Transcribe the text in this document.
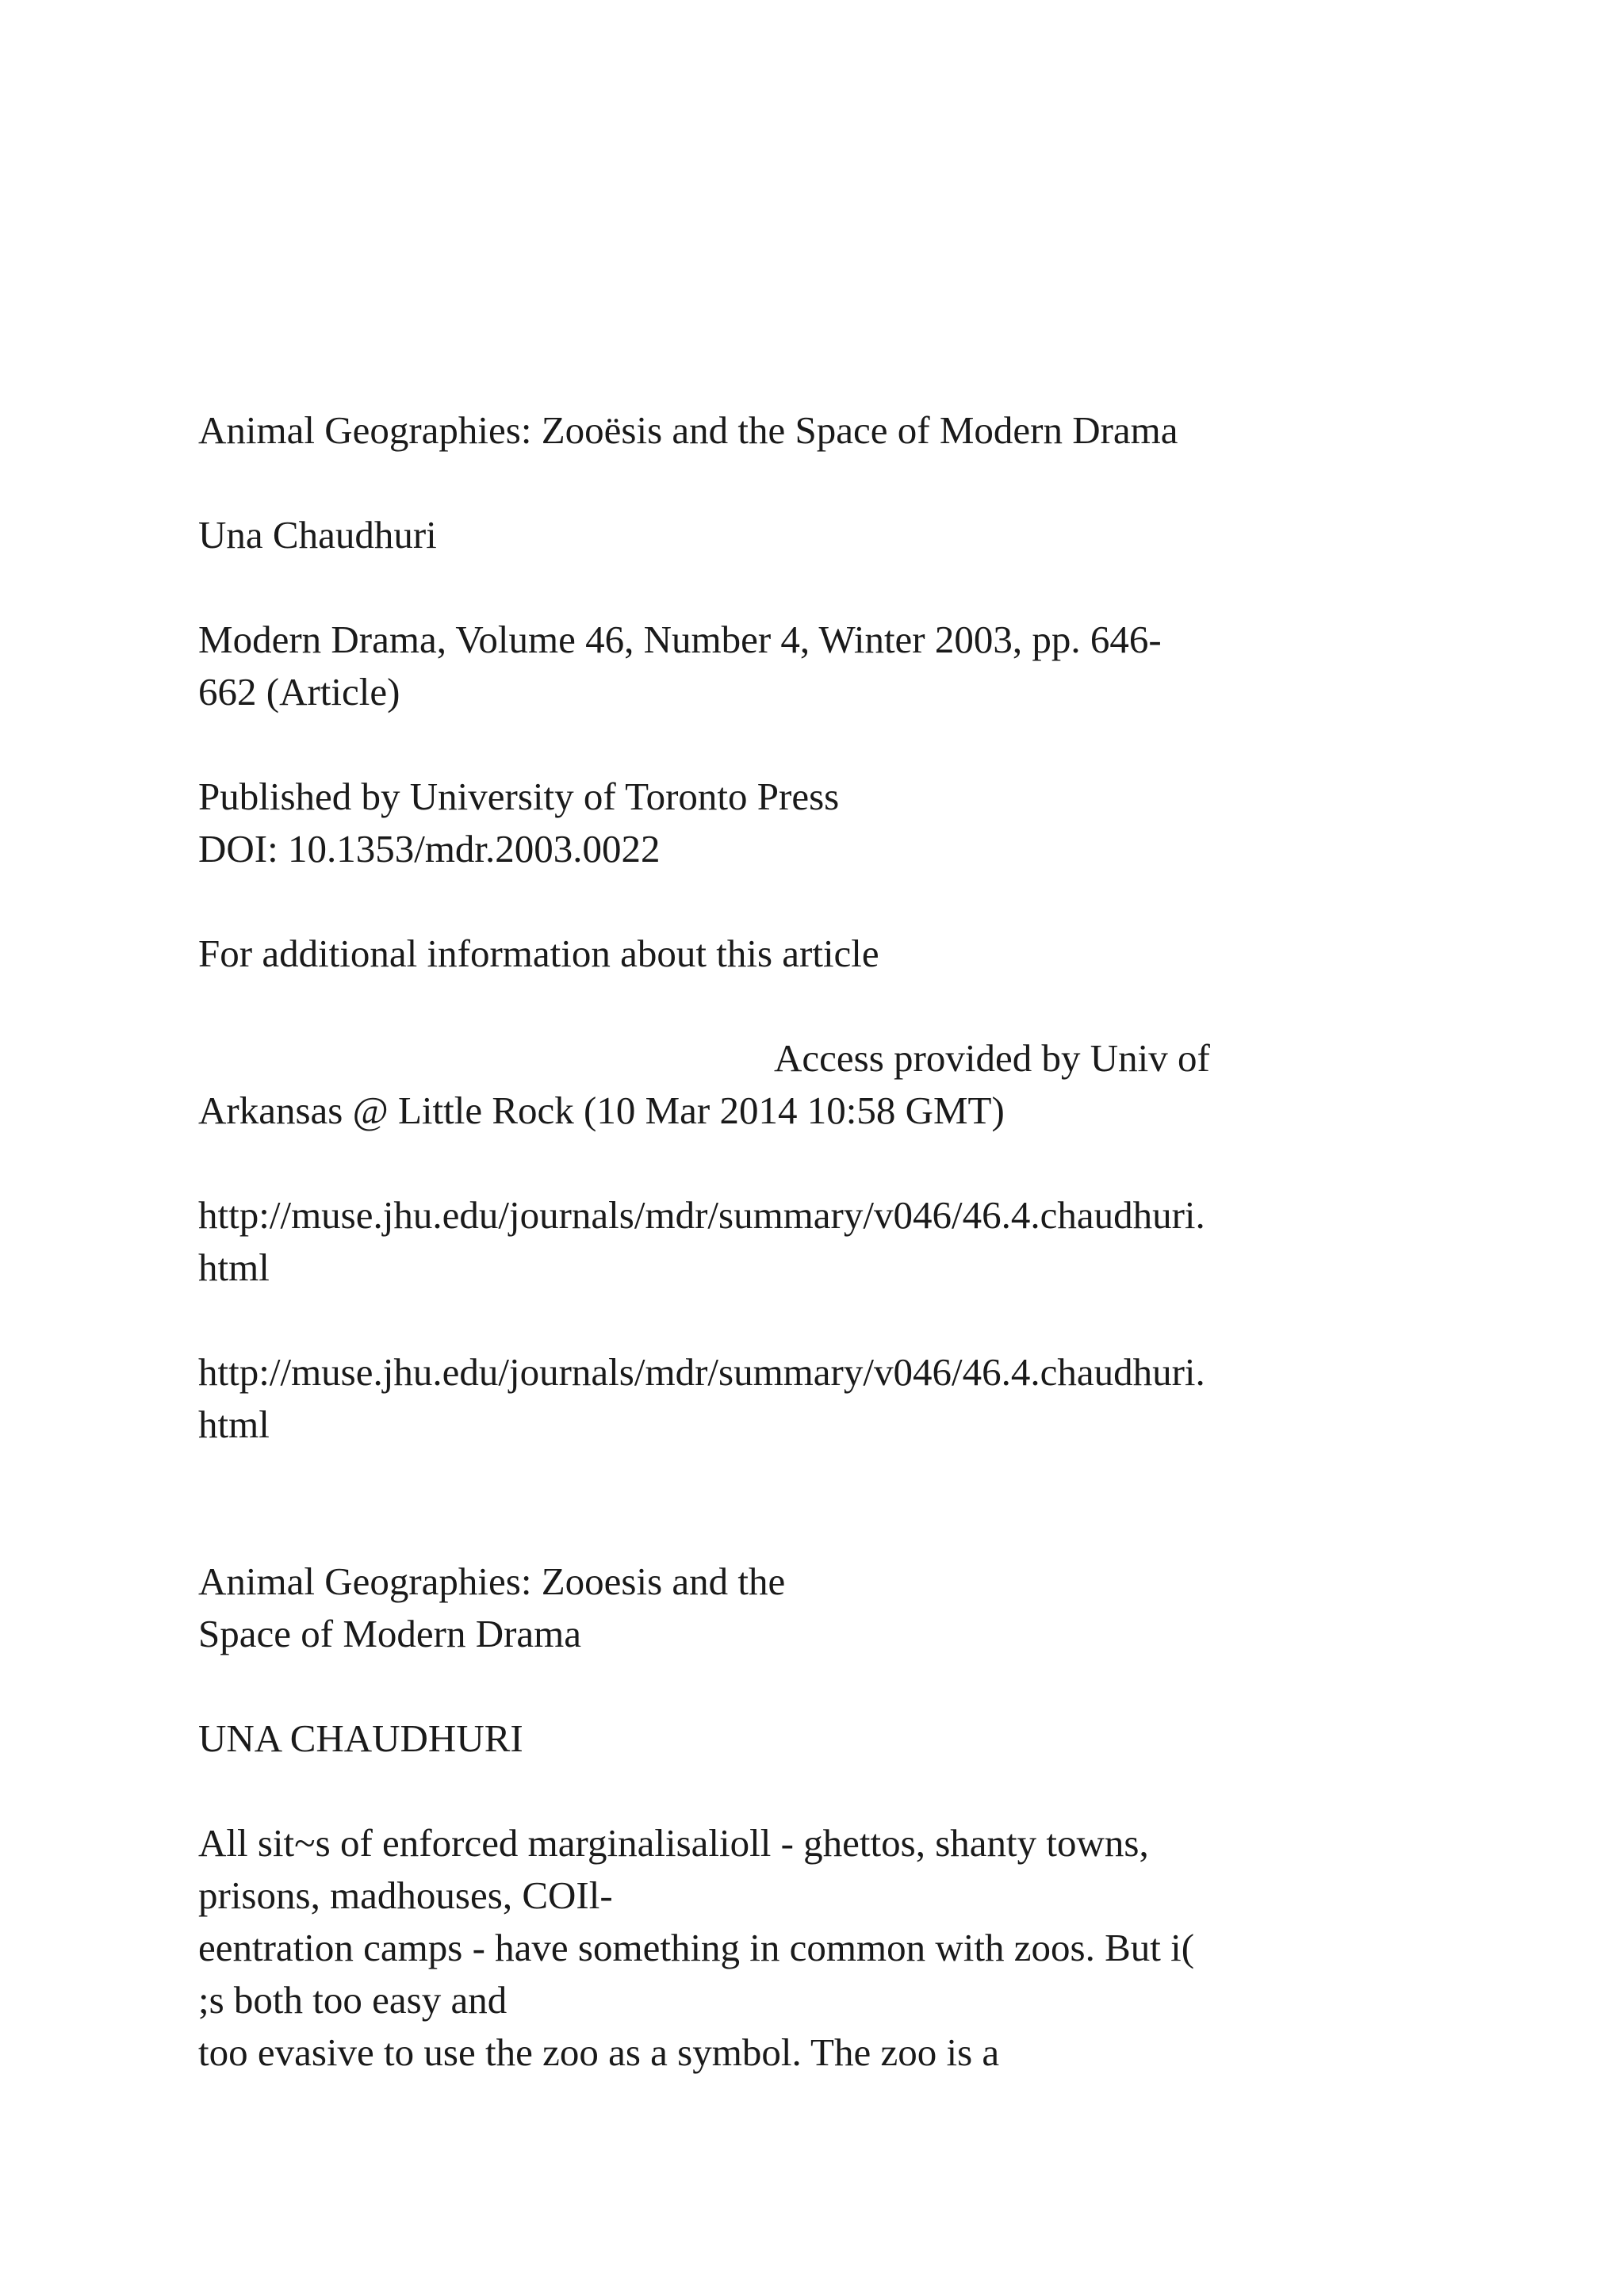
Animal Geographies: Zooësis and the Space of Modern Drama

Una Chaudhuri

Modern Drama, Volume 46, Number 4, Winter 2003, pp. 646-
662 (Article)

Published by University of Toronto Press
DOI: 10.1353/mdr.2003.0022

For additional information about this article

Access provided by Univ of
Arkansas @ Little Rock (10 Mar 2014 10:58 GMT)

http://muse.jhu.edu/journals/mdr/summary/v046/46.4.chaudhuri.
html

http://muse.jhu.edu/journals/mdr/summary/v046/46.4.chaudhuri.
html

Animal Geographies: Zooesis and the
Space of Modern Drama

UNA CHAUDHURI

All sit~s of enforced marginalisalioll - ghettos, shanty towns,
prisons, madhouses, COIl-
eentration camps - have something in common with zoos. But i(
;s both too easy and
too evasive to use the zoo as a symbol. The zoo is a
